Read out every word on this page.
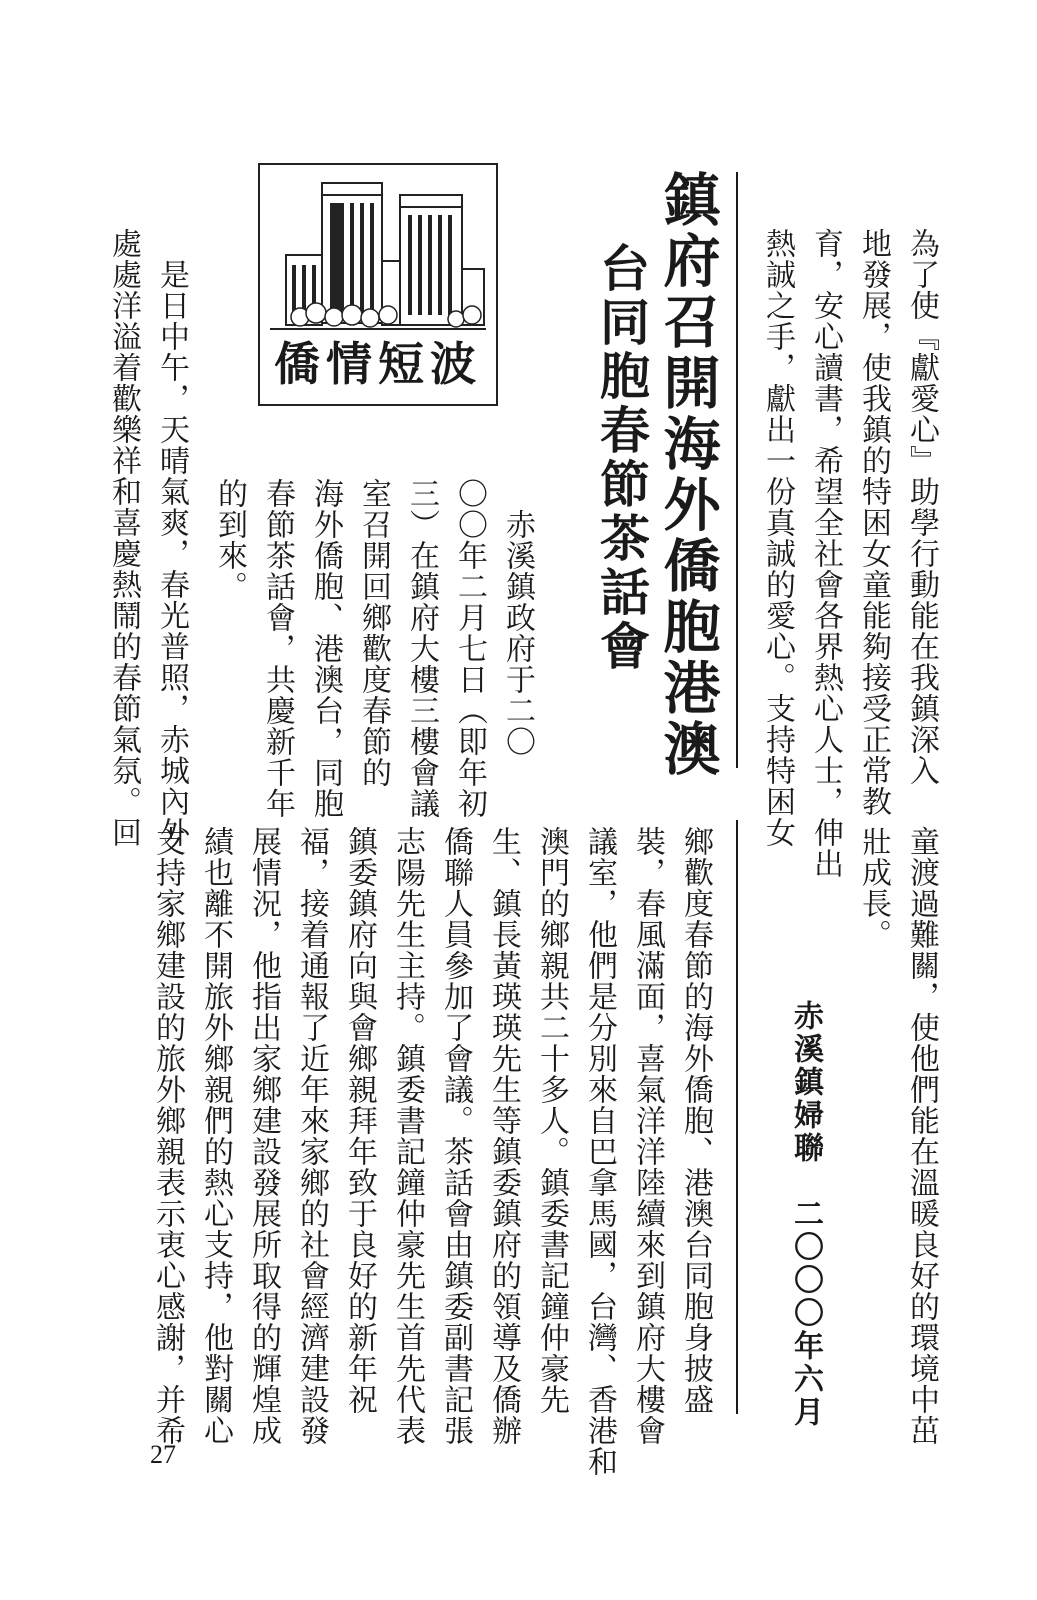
為了使『獻愛心』助學行動能在我鎮深入
地發展，使我鎮的特困女童能夠接受正常教
育，安心讀書，希望全社會各界熱心人士，伸出
熱誠之手，獻出一份真誠的愛心。支持特困女
鎮府召開海外僑胞港澳
台同胞春節茶話會
僑情短波
　赤溪鎮政府于二〇
〇〇年二月七日（即年初
三）在鎮府大樓三樓會議
室召開回鄉歡度春節的
海外僑胞、港澳台，同胞
春節茶話會，共慶新千年
的到來。
　是日中午，天晴氣爽，春光普照，赤城內外
處處洋溢着歡樂祥和喜慶熱鬧的春節氣氛。回
童渡過難關，使他們能在溫暖良好的環境中茁
壯成長。
赤溪鎮婦聯　二〇〇〇年六月
鄉歡度春節的海外僑胞、港澳台同胞身披盛
裝，春風滿面，喜氣洋洋陸續來到鎮府大樓會
議室，他們是分別來自巴拿馬國，台灣、香港和
澳門的鄉親共二十多人。鎮委書記鐘仲豪先
生、鎮長黃瑛瑛先生等鎮委鎮府的領導及僑辦
僑聯人員參加了會議。茶話會由鎮委副書記張
志陽先生主持。鎮委書記鐘仲豪先生首先代表
鎮委鎮府向與會鄉親拜年致于良好的新年祝
福，接着通報了近年來家鄉的社會經濟建設發
展情況，他指出家鄉建設發展所取得的輝煌成
績也離不開旅外鄉親們的熱心支持，他對關心
支持家鄉建設的旅外鄉親表示衷心感謝，并希
27
